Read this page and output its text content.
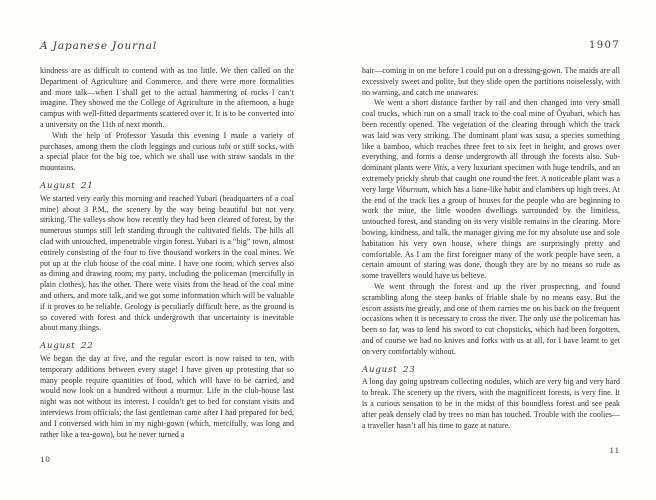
A Japanese Journal

kindness are as difficult to contend with as too little. We then called on the Department of Agriculture and Commerce, and there were more formalities and more talk—when I shall get to the actual hammering of rocks I can’t imagine. They showed me the College of Agriculture in the afternoon, a huge campus with well-fitted departments scattered over it. It is to be converted into a university on the 11th of next month.

With the help of Professor Yasuda this evening I made a variety of purchases, among them the cloth leggings and curious tabi or stiff socks, with a special place for the big toe, which we shall use with straw sandals in the mountains.

August 21

We started very early this morning and reached Yubari (headquarters of a coal mine) about 3 P.M., the scenery by the way being beautiful but not very striking. The valleys show how recently they had been cleared of forest, by the numerous stumps still left standing through the cultivated fields. The hills all clad with untouched, impenetrable virgin forest. Yubari is a “big” town, almost entirely consisting of the four to five thousand workers in the coal mines. We put up at the club house of the coal mine. I have one room, which serves also as dining and drawing room; my party, including the policeman (mercifully in plain clothes), has the other. There were visits from the head of the coal mine and others, and more talk, and we got some information which will be valuable if it proves to be reliable. Geology is peculiarly difficult here, as the ground is so covered with forest and thick undergrowth that uncertainty is inevitable about many things.

August 22

We began the day at five, and the regular escort is now raised to ten, with temporary additions between every stage! I have given up protesting that so many people require quantities of food, which will have to be carried, and would now look on a hundred without a murmur. Life in the club-house last night was not without its interest. I couldn’t get to bed for constant visits and interviews from officials; the last gentleman came after I had prepared for bed, and I conversed with him in my night-gown (which, mercifully, was long and rather like a tea-gown), but he never turned a

10
1907

hair—coming in on me before I could put on a dressing-gown. The maids are all excessively sweet and polite, but they slide open the partitions noiselessly, with no warning, and catch me unawares.

We went a short distance farther by rail and then changed into very small coal trucks, which run on a small track to the coal mine of Ōyubari, which has been recently opened. The vegetation of the clearing through which the track was laid was very striking. The dominant plant was sasa, a species something like a bamboo, which reaches three feet to six feet in height, and grows over everything, and forms a dense undergrowth all through the forests also. Sub-dominant plants were Vitis, a very luxuriant specimen with huge tendrils, and an extremely prickly shrub that caught one round the feet. A noticeable plant was a very large Viburnum, which has a liane-like habit and clambers up high trees. At the end of the track lies a group of houses for the people who are beginning to work the mine, the little wooden dwellings surrounded by the limitless, untouched forest, and standing on its very visible remains in the clearing. More bowing, kindness, and talk, the manager giving me for my absolute use and sole habitation his very own house, where things are surprisingly pretty and comfortable. As I am the first foreigner many of the work people have seen, a certain amount of staring was done, though they are by no means so rude as some travellers would have us believe.

We went through the forest and up the river prospecting, and found scrambling along the steep banks of friable shale by no means easy. But the escort assists me greatly, and one of them carries me on his back on the frequent occasions when it is necessary to cross the river. The only use the policeman has been so far, was to lend his sword to cut chopsticks, which had been forgotten, and of course we had no knives and forks with us at all, for I have learnt to get on very comfortably without.

August 23

A long day going upstream collecting nodules, which are very big and very hard to break. The scenery up the rivers, with the magnificent forests, is very fine. It is a curious sensation to be in the midst of this boundless forest and see peak after peak densely clad by trees no man has touched. Trouble with the coolies—a traveller hasn’t all his time to gaze at nature.

11
